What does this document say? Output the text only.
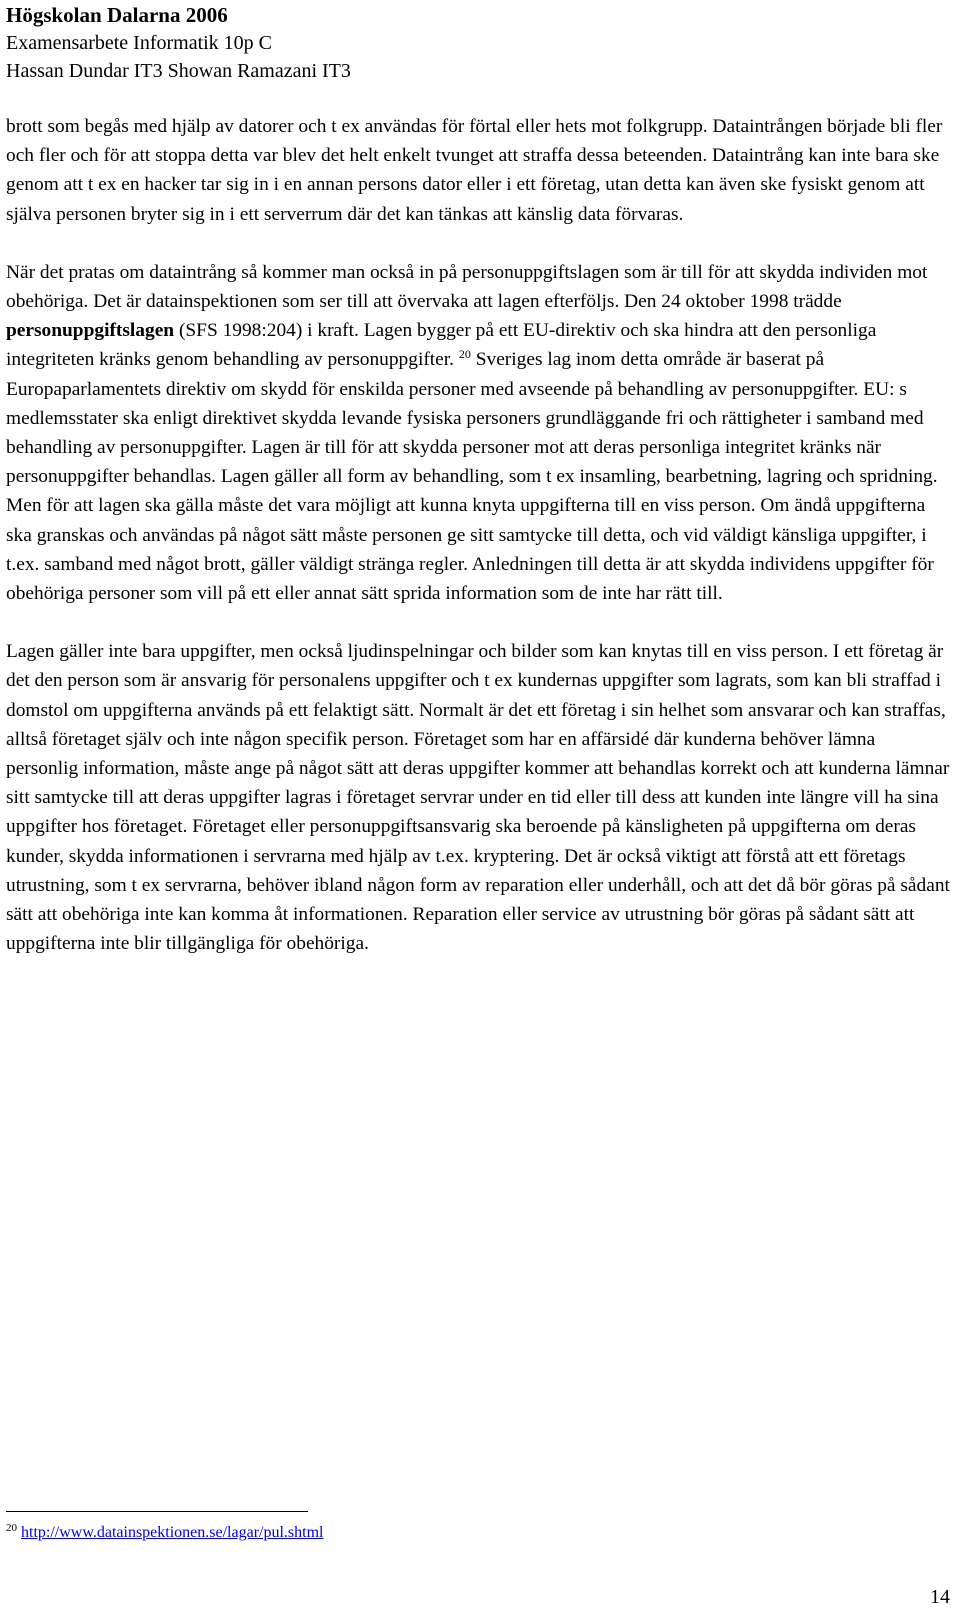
Högskolan Dalarna 2006
Examensarbete Informatik 10p C
Hassan Dundar IT3 Showan Ramazani IT3

brott som begås med hjälp av datorer och t ex användas för förtal eller hets mot folkgrupp. Dataintrången började bli fler och fler och för att stoppa detta var blev det helt enkelt tvunget att straffa dessa beteenden. Dataintrång kan inte bara ske genom att t ex en hacker tar sig in i en annan persons dator eller i ett företag, utan detta kan även ske fysiskt genom att själva personen bryter sig in i ett serverrum där det kan tänkas att känslig data förvaras.

När det pratas om dataintrång så kommer man också in på personuppgiftslagen som är till för att skydda individen mot obehöriga. Det är datainspektionen som ser till att övervaka att lagen efterföljs. Den 24 oktober 1998 trädde personuppgiftslagen (SFS 1998:204) i kraft. Lagen bygger på ett EU-direktiv och ska hindra att den personliga integriteten kränks genom behandling av personuppgifter. $^{20}$ Sveriges lag inom detta område är baserat på Europaparlamentets direktiv om skydd för enskilda personer med avseende på behandling av personuppgifter. EU: s medlemsstater ska enligt direktivet skydda levande fysiska personers grundläggande fri och rättigheter i samband med behandling av personuppgifter. Lagen är till för att skydda personer mot att deras personliga integritet kränks när personuppgifter behandlas. Lagen gäller all form av behandling, som t ex insamling, bearbetning, lagring och spridning. Men för att lagen ska gälla måste det vara möjligt att kunna knyta uppgifterna till en viss person. Om ändå uppgifterna ska granskas och användas på något sätt måste personen ge sitt samtycke till detta, och vid väldigt känsliga uppgifter, i t.ex. samband med något brott, gäller väldigt stränga regler. Anledningen till detta är att skydda individens uppgifter för obehöriga personer som vill på ett eller annat sätt sprida information som de inte har rätt till.

Lagen gäller inte bara uppgifter, men också ljudinspelningar och bilder som kan knytas till en viss person. I ett företag är det den person som är ansvarig för personalens uppgifter och t ex kundernas uppgifter som lagrats, som kan bli straffad i domstol om uppgifterna används på ett felaktigt sätt. Normalt är det ett företag i sin helhet som ansvarar och kan straffas, alltså företaget själv och inte någon specifik person. Företaget som har en affärsidé där kunderna behöver lämna personlig information, måste ange på något sätt att deras uppgifter kommer att behandlas korrekt och att kunderna lämnar sitt samtycke till att deras uppgifter lagras i företaget servrar under en tid eller till dess att kunden inte längre vill ha sina uppgifter hos företaget. Företaget eller personuppgiftsansvarig ska beroende på känsligheten på uppgifterna om deras kunder, skydda informationen i servrarna med hjälp av t.ex. kryptering. Det är också viktigt att förstå att ett företags utrustning, som t ex servrarna, behöver ibland någon form av reparation eller underhåll, och att det då bör göras på sådant sätt att obehöriga inte kan komma åt informationen. Reparation eller service av utrustning bör göras på sådant sätt att uppgifterna inte blir tillgängliga för obehöriga.

$^{20}$ http://www.datainspektionen.se/lagar/pul.shtml
14
